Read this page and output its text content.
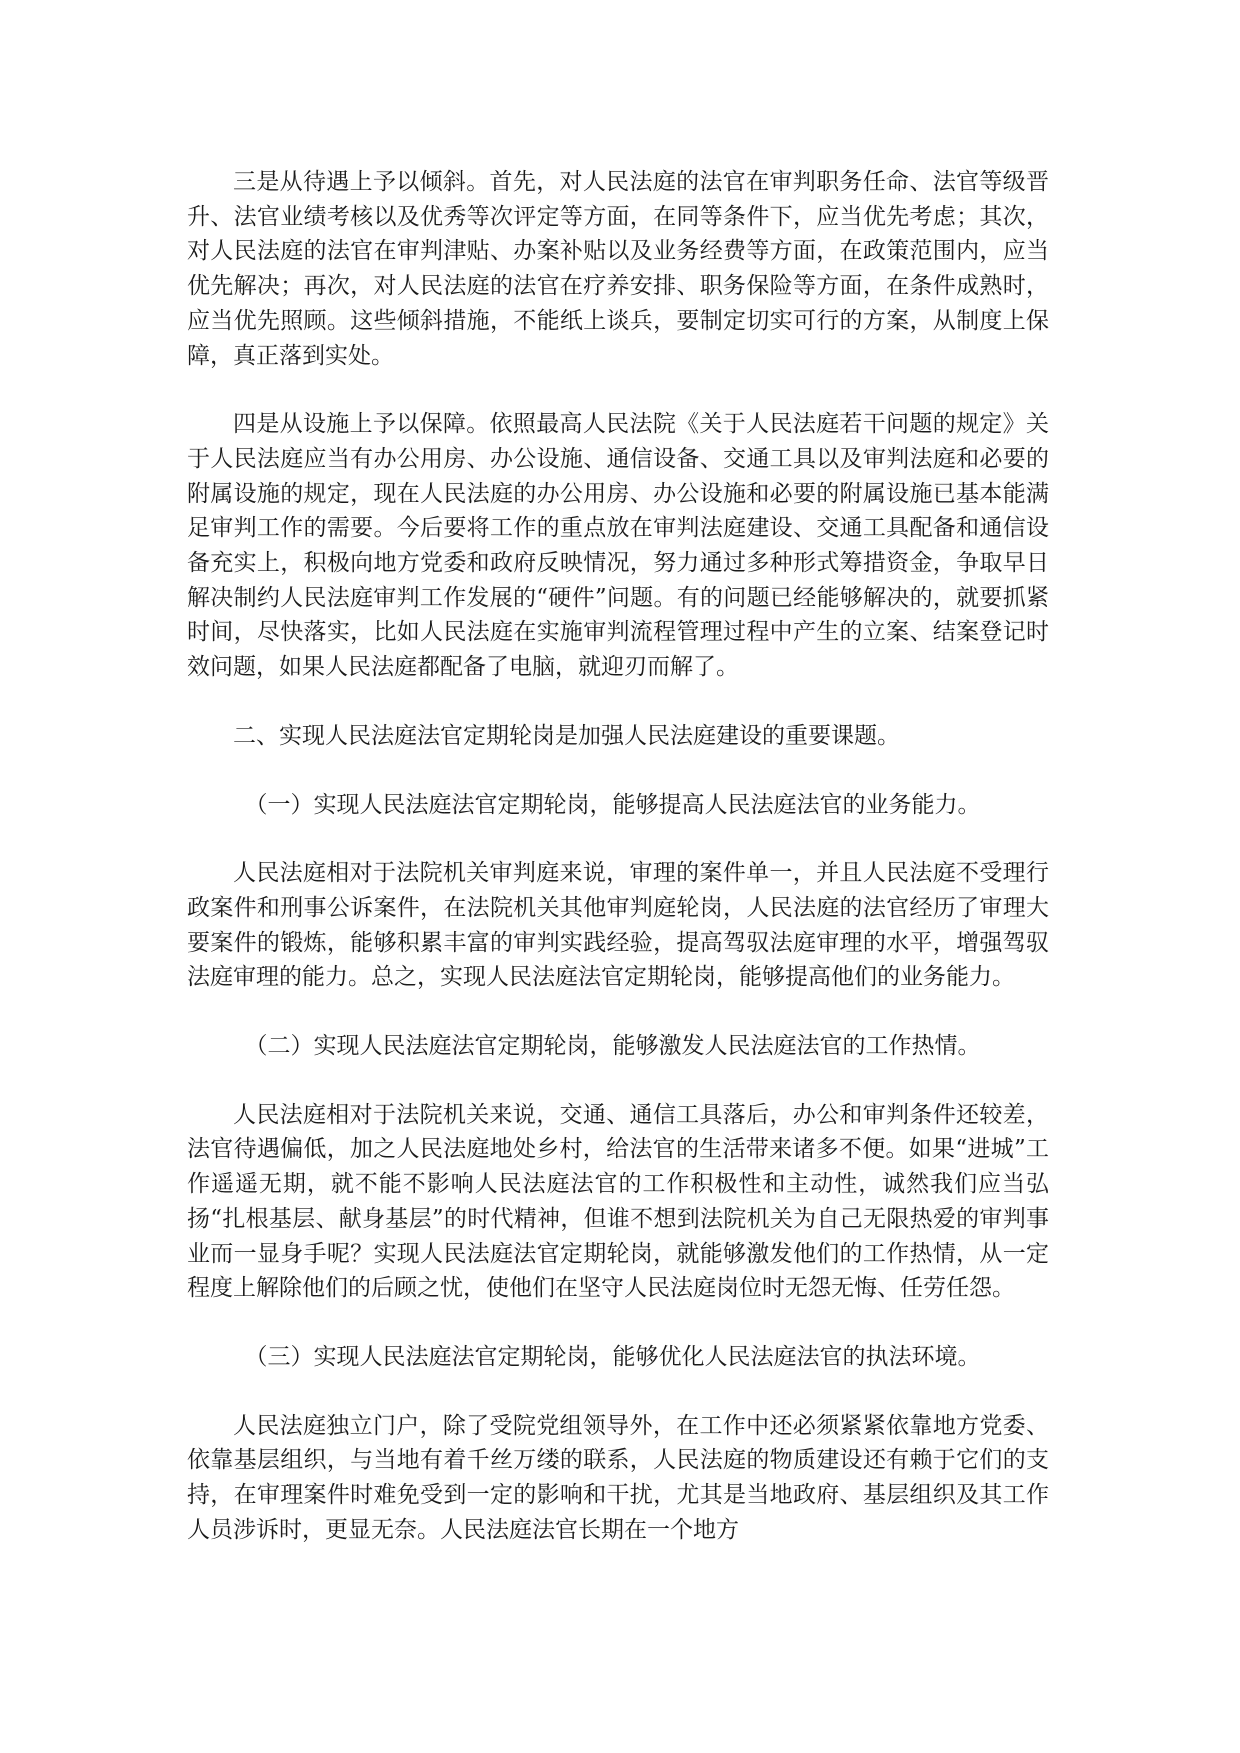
三是从待遇上予以倾斜。首先，对人民法庭的法官在审判职务任命、法官等级晋升、法官业绩考核以及优秀等次评定等方面，在同等条件下，应当优先考虑；其次，对人民法庭的法官在审判津贴、办案补贴以及业务经费等方面，在政策范围内，应当优先解决；再次，对人民法庭的法官在疗养安排、职务保险等方面，在条件成熟时，应当优先照顾。这些倾斜措施，不能纸上谈兵，要制定切实可行的方案，从制度上保障，真正落到实处。

四是从设施上予以保障。依照最高人民法院《关于人民法庭若干问题的规定》关于人民法庭应当有办公用房、办公设施、通信设备、交通工具以及审判法庭和必要的附属设施的规定，现在人民法庭的办公用房、办公设施和必要的附属设施已基本能满足审判工作的需要。今后要将工作的重点放在审判法庭建设、交通工具配备和通信设备充实上，积极向地方党委和政府反映情况，努力通过多种形式筹措资金，争取早日解决制约人民法庭审判工作发展的“硬件”问题。有的问题已经能够解决的，就要抓紧时间，尽快落实，比如人民法庭在实施审判流程管理过程中产生的立案、结案登记时效问题，如果人民法庭都配备了电脑，就迎刃而解了。

二、实现人民法庭法官定期轮岗是加强人民法庭建设的重要课题。

（一）实现人民法庭法官定期轮岗，能够提高人民法庭法官的业务能力。

人民法庭相对于法院机关审判庭来说，审理的案件单一，并且人民法庭不受理行政案件和刑事公诉案件，在法院机关其他审判庭轮岗，人民法庭的法官经历了审理大要案件的锻炼，能够积累丰富的审判实践经验，提高驾驭法庭审理的水平，增强驾驭法庭审理的能力。总之，实现人民法庭法官定期轮岗，能够提高他们的业务能力。

（二）实现人民法庭法官定期轮岗，能够激发人民法庭法官的工作热情。

人民法庭相对于法院机关来说，交通、通信工具落后，办公和审判条件还较差，法官待遇偏低，加之人民法庭地处乡村，给法官的生活带来诸多不便。如果“进城”工作遥遥无期，就不能不影响人民法庭法官的工作积极性和主动性，诚然我们应当弘扬“扎根基层、献身基层”的时代精神，但谁不想到法院机关为自己无限热爱的审判事业而一显身手呢？实现人民法庭法官定期轮岗，就能够激发他们的工作热情，从一定程度上解除他们的后顾之忧，使他们在坚守人民法庭岗位时无怨无悔、任劳任怨。

（三）实现人民法庭法官定期轮岗，能够优化人民法庭法官的执法环境。

人民法庭独立门户，除了受院党组领导外，在工作中还必须紧紧依靠地方党委、依靠基层组织，与当地有着千丝万缕的联系，人民法庭的物质建设还有赖于它们的支持，在审理案件时难免受到一定的影响和干扰，尤其是当地政府、基层组织及其工作人员涉诉时，更显无奈。人民法庭法官长期在一个地方
